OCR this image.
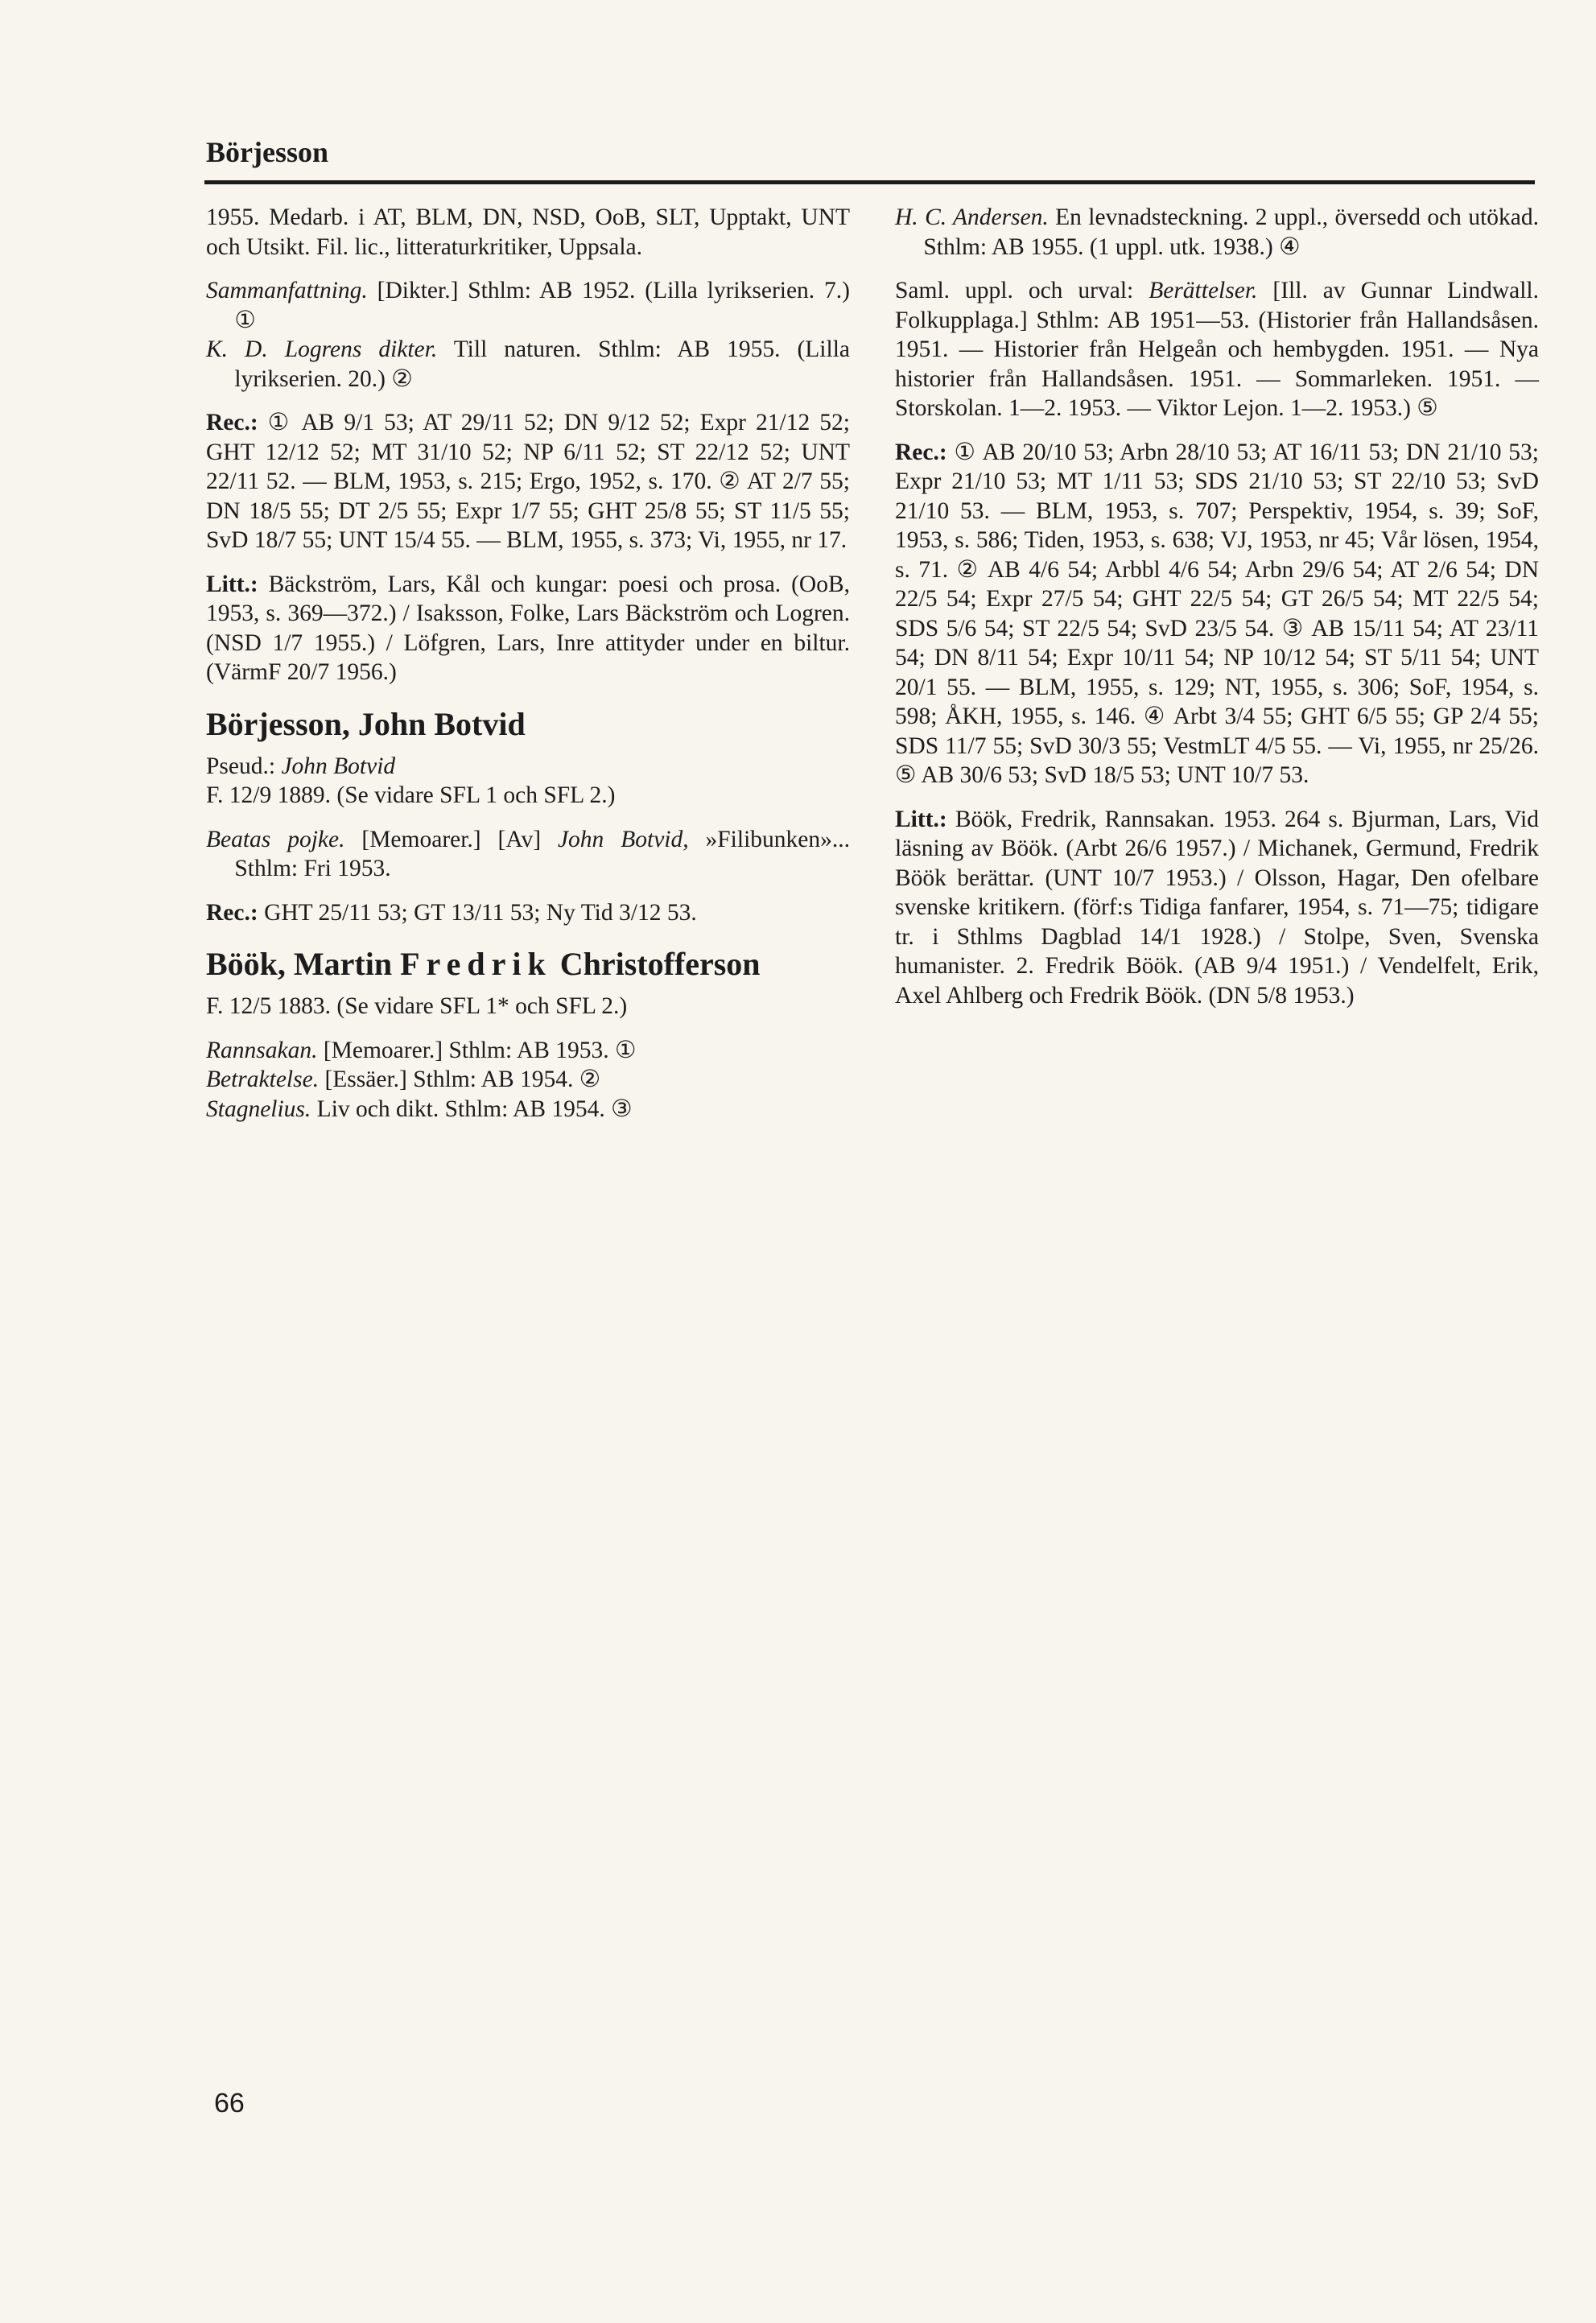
Börjesson

1955. Medarb. i AT, BLM, DN, NSD, OoB, SLT, Upptakt, UNT och Utsikt. Fil. lic., litteraturkritiker, Uppsala.

Sammanfattning. [Dikter.] Sthlm: AB 1952. (Lilla lyrikserien. 7.) ①

K. D. Logrens dikter. Till naturen. Sthlm: AB 1955. (Lilla lyrikserien. 20.) ②

Rec.: ① AB 9/1 53; AT 29/11 52; DN 9/12 52; Expr 21/12 52; GHT 12/12 52; MT 31/10 52; NP 6/11 52; ST 22/12 52; UNT 22/11 52. — BLM, 1953, s. 215; Ergo, 1952, s. 170. ② AT 2/7 55; DN 18/5 55; DT 2/5 55; Expr 1/7 55; GHT 25/8 55; ST 11/5 55; SvD 18/7 55; UNT 15/4 55. — BLM, 1955, s. 373; Vi, 1955, nr 17.

Litt.: Bäckström, Lars, Kål och kungar: poesi och prosa. (OoB, 1953, s. 369—372.) / Isaksson, Folke, Lars Bäckström och Logren. (NSD 1/7 1955.) / Löfgren, Lars, Inre attityder under en biltur. (VärmF 20/7 1956.)

Börjesson, John Botvid

Pseud.: John Botvid

F. 12/9 1889. (Se vidare SFL 1 och SFL 2.)

Beatas pojke. [Memoarer.] [Av] John Botvid, »Filibunken»... Sthlm: Fri 1953.

Rec.: GHT 25/11 53; GT 13/11 53; Ny Tid 3/12 53.

Böök, Martin Fredrik Christofferson

F. 12/5 1883. (Se vidare SFL 1* och SFL 2.)

Rannsakan. [Memoarer.] Sthlm: AB 1953. ①

Betraktelse. [Essäer.] Sthlm: AB 1954. ②

Stagnelius. Liv och dikt. Sthlm: AB 1954. ③

H. C. Andersen. En levnadsteckning. 2 uppl., översedd och utökad. Sthlm: AB 1955. (1 uppl. utk. 1938.) ④

Saml. uppl. och urval: Berättelser. [Ill. av Gunnar Lindwall. Folkupplaga.] Sthlm: AB 1951—53. (Historier från Hallandsåsen. 1951. — Historier från Helgeån och hembygden. 1951. — Nya historier från Hallandsåsen. 1951. — Sommarleken. 1951. — Storskolan. 1—2. 1953. — Viktor Lejon. 1—2. 1953.) ⑤

Rec.: ① AB 20/10 53; Arbn 28/10 53; AT 16/11 53; DN 21/10 53; Expr 21/10 53; MT 1/11 53; SDS 21/10 53; ST 22/10 53; SvD 21/10 53. — BLM, 1953, s. 707; Perspektiv, 1954, s. 39; SoF, 1953, s. 586; Tiden, 1953, s. 638; VJ, 1953, nr 45; Vår lösen, 1954, s. 71. ② AB 4/6 54; Arbbl 4/6 54; Arbn 29/6 54; AT 2/6 54; DN 22/5 54; Expr 27/5 54; GHT 22/5 54; GT 26/5 54; MT 22/5 54; SDS 5/6 54; ST 22/5 54; SvD 23/5 54. ③ AB 15/11 54; AT 23/11 54; DN 8/11 54; Expr 10/11 54; NP 10/12 54; ST 5/11 54; UNT 20/1 55. — BLM, 1955, s. 129; NT, 1955, s. 306; SoF, 1954, s. 598; ÅKH, 1955, s. 146. ④ Arbt 3/4 55; GHT 6/5 55; GP 2/4 55; SDS 11/7 55; SvD 30/3 55; VestmLT 4/5 55. — Vi, 1955, nr 25/26. ⑤ AB 30/6 53; SvD 18/5 53; UNT 10/7 53.

Litt.: Böök, Fredrik, Rannsakan. 1953. 264 s. Bjurman, Lars, Vid läsning av Böök. (Arbt 26/6 1957.) / Michanek, Germund, Fredrik Böök berättar. (UNT 10/7 1953.) / Olsson, Hagar, Den ofelbare svenske kritikern. (förf:s Tidiga fanfarer, 1954, s. 71—75; tidigare tr. i Sthlms Dagblad 14/1 1928.) / Stolpe, Sven, Svenska humanister. 2. Fredrik Böök. (AB 9/4 1951.) / Vendelfelt, Erik, Axel Ahlberg och Fredrik Böök. (DN 5/8 1953.)

66
